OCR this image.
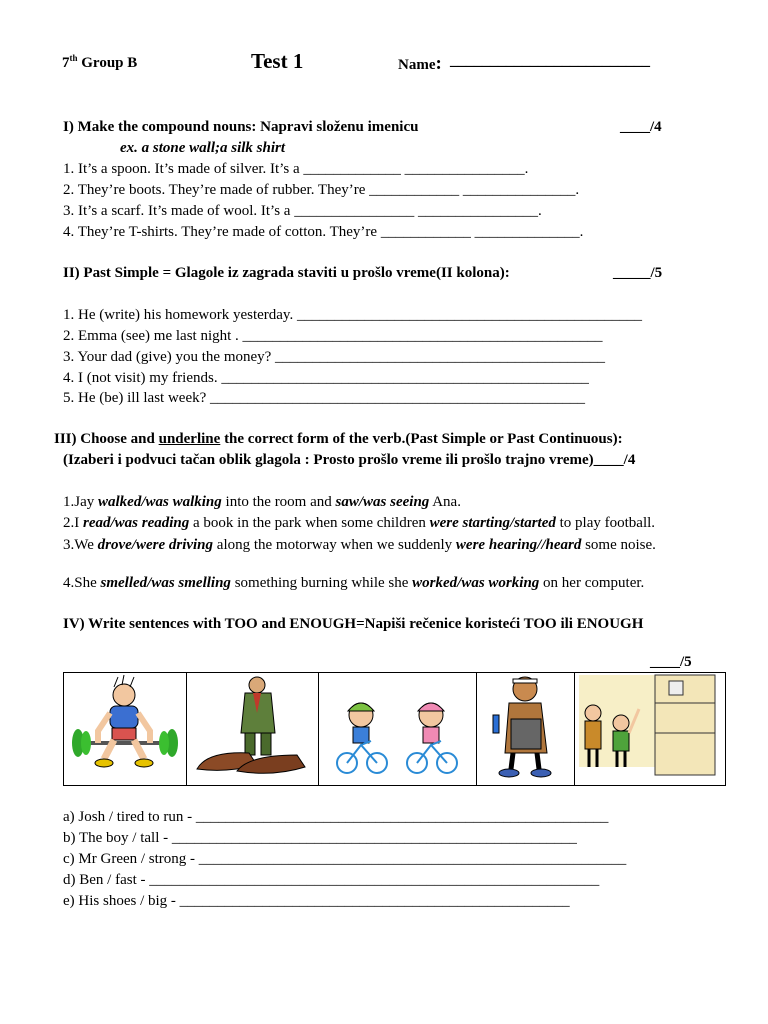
7th Group B	Test 1	Name: _________________________
I) Make the compound nouns: Napravi složenu imenicu	____/4
ex. a stone wall;a silk shirt
1. It’s a spoon. It’s made of silver. It’s a _____________ ________________.
2. They’re boots. They’re made of rubber. They’re ____________ _______________.
3. It’s a scarf. It’s made of wool. It’s a ________________ ________________.
4. They’re T-shirts. They’re made of cotton. They’re ____________ ______________.
II) Past Simple = Glagole iz zagrada staviti u prošlo vreme(II kolona):	_____/5
1. He (write) his homework yesterday. ______________________________________________
2. Emma (see) me last night . ________________________________________________
3. Your dad (give) you the money? ____________________________________________
4. I (not visit) my friends. _________________________________________________
5. He (be) ill last week? __________________________________________________
III) Choose and underline the correct form of the verb.(Past Simple or Past Continuous):
(Izaberi i podvuci tačan oblik glagola : Prosto prošlo vreme ili prošlo trajno vreme)____/4
1.Jay walked/was walking into the room and saw/was seeing Ana.
2.I read/was reading a book in the park when some children were starting/started to play football.
3.We drove/were driving along the motorway when we suddenly were hearing//heard some noise.
4.She smelled/was smelling something burning while she worked/was working on her computer.
IV) Write sentences with TOO and ENOUGH=Napiši rečenice koristeći TOO ili ENOUGH
____/5
a) Josh / tired to run - _______________________________________________________
b) The boy / tall - ______________________________________________________
c) Mr Green / strong - _________________________________________________________
d) Ben / fast - ____________________________________________________________
e) His shoes / big - ____________________________________________________
